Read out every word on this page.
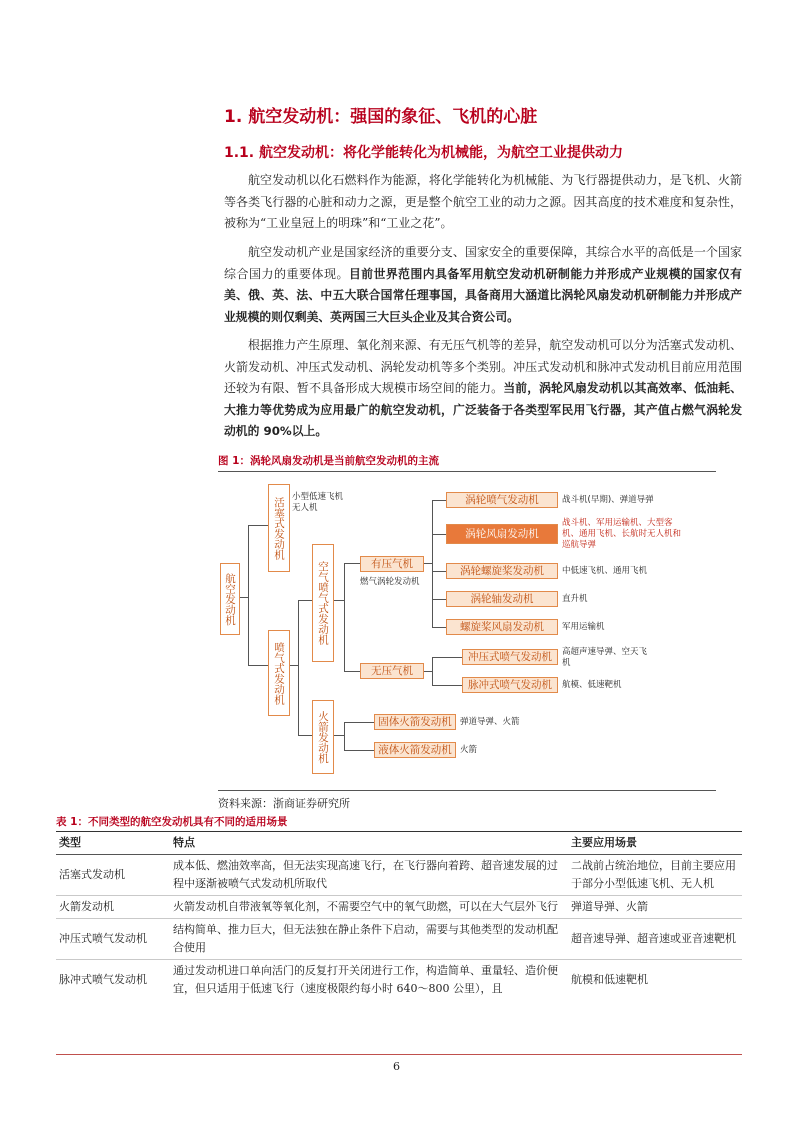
1. 航空发动机：强国的象征、飞机的心脏
1.1. 航空发动机：将化学能转化为机械能，为航空工业提供动力

航空发动机以化石燃料作为能源，将化学能转化为机械能、为飞行器提供动力，是飞机、火箭等各类飞行器的心脏和动力之源，更是整个航空工业的动力之源。因其高度的技术难度和复杂性，被称为“工业皇冠上的明珠”和“工业之花”。

航空发动机产业是国家经济的重要分支、国家安全的重要保障，其综合水平的高低是一个国家综合国力的重要体现。目前世界范围内具备军用航空发动机研制能力并形成产业规模的国家仅有美、俄、英、法、中五大联合国常任理事国，具备商用大涵道比涡轮风扇发动机研制能力并形成产业规模的则仅剩美、英两国三大巨头企业及其合资公司。

根据推力产生原理、氧化剂来源、有无压气机等的差异，航空发动机可以分为活塞式发动机、火箭发动机、冲压式发动机、涡轮发动机等多个类别。冲压式发动机和脉冲式发动机目前应用范围还较为有限、暂不具备形成大规模市场空间的能力。当前，涡轮风扇发动机以其高效率、低油耗、大推力等优势成为应用最广的航空发动机，广泛装备于各类型军民用飞行器，其产值占燃气涡轮发动机的 90%以上。

图 1：涡轮风扇发动机是当前航空发动机的主流
航空发动机
活塞式发动机 小型低速飞机 无人机
喷气式发动机
空气喷气式发动机
火箭发动机
有压气机
燃气涡轮发动机
无压气机
涡轮喷气发动机	战斗机(早期)、弹道导弹
涡轮风扇发动机
战斗机、军用运输机、大型客机、通用飞机、长航时无人机和巡航导弹
涡轮螺旋桨发动机	中低速飞机、通用飞机
涡轮轴发动机	直升机
螺旋桨风扇发动机	军用运输机
冲压式喷气发动机	高超声速导弹、空天飞机
脉冲式喷气发动机	航模、低速靶机
固体火箭发动机 弹道导弹、火箭
液体火箭发动机 火箭
资料来源：浙商证券研究所
表 1：不同类型的航空发动机具有不同的适用场景
类型	特点	主要应用场景
活塞式发动机	成本低、燃油效率高，但无法实现高速飞行，在飞行器向着跨、超音速发展的过程中逐渐被喷气式发动机所取代	二战前占统治地位，目前主要应用于部分小型低速飞机、无人机
火箭发动机	火箭发动机自带液氧等氧化剂，不需要空气中的氧气助燃，可以在大气层外飞行	弹道导弹、火箭
冲压式喷气发动机	结构简单、推力巨大，但无法独在静止条件下启动，需要与其他类型的发动机配合使用	超音速导弹、超音速或亚音速靶机
脉冲式喷气发动机	通过发动机进口单向活门的反复打开关闭进行工作，构造简单、重量轻、造价便宜，但只适用于低速飞行（速度极限约每小时 640～800 公里），且	航模和低速靶机
6
